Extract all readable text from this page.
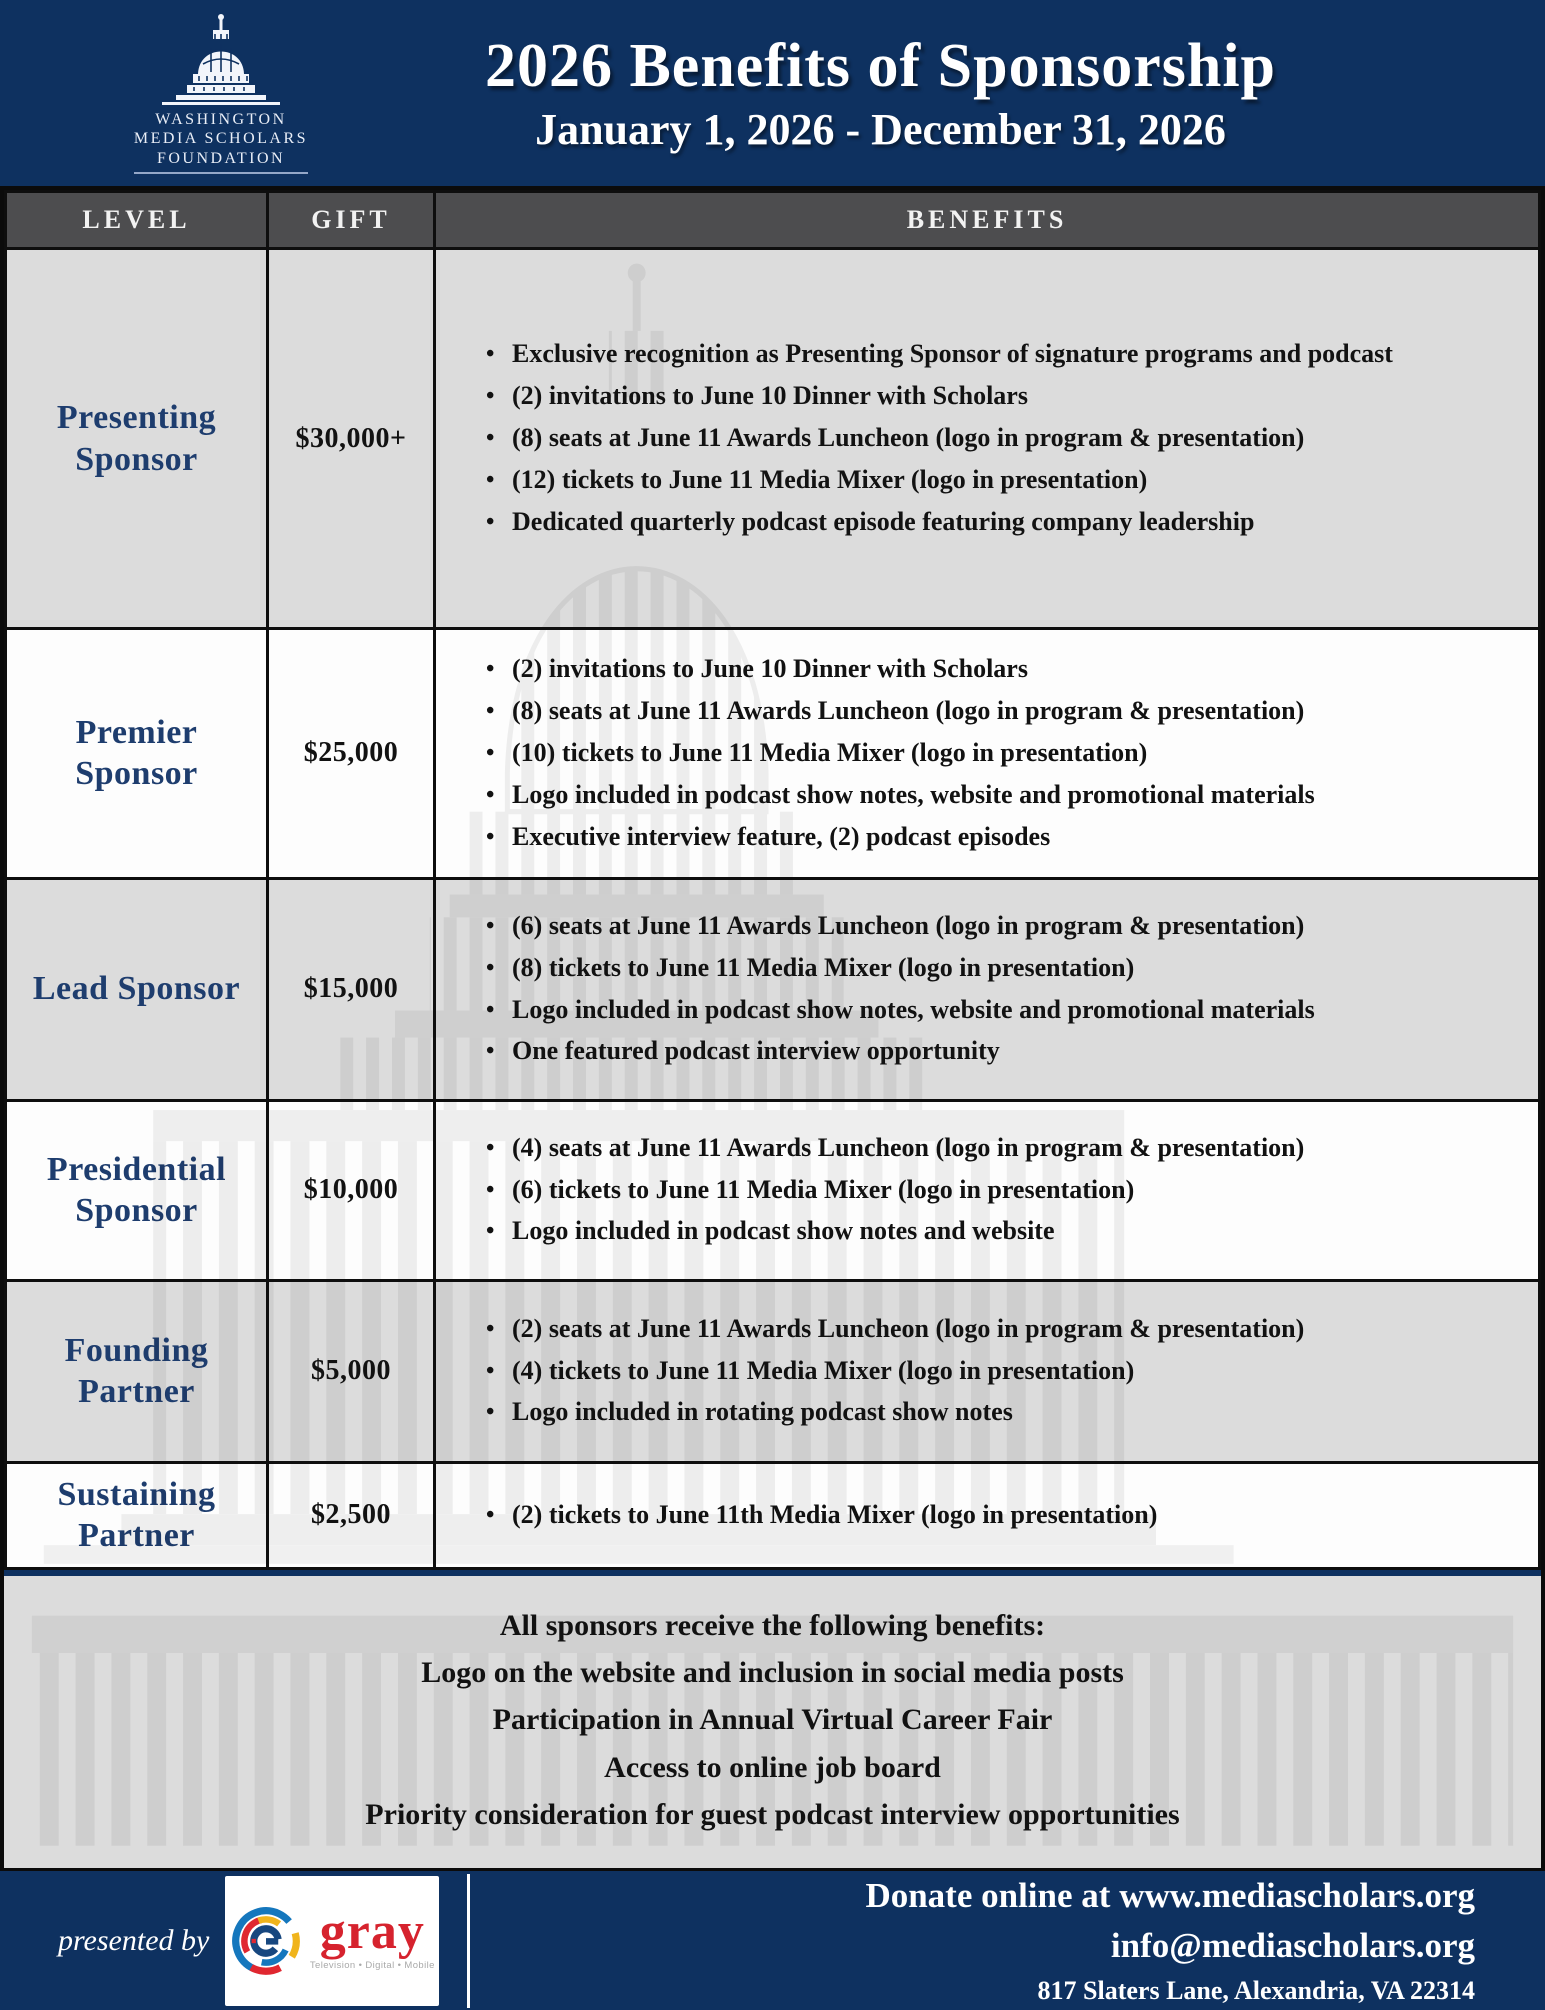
WASHINGTON
MEDIA SCHOLARS
FOUNDATION
2026 Benefits of Sponsorship
January 1, 2026 - December 31, 2026
LEVEL	GIFT	BENEFITS
Presenting Sponsor	$30,000+	
• Exclusive recognition as Presenting Sponsor of signature programs and podcast
• (2) invitations to June 10 Dinner with Scholars
• (8) seats at June 11 Awards Luncheon (logo in program & presentation)
• (12) tickets to June 11 Media Mixer (logo in presentation)
• Dedicated quarterly podcast episode featuring company leadership

Premier Sponsor	$25,000	
• (2) invitations to June 10 Dinner with Scholars
• (8) seats at June 11 Awards Luncheon (logo in program & presentation)
• (10) tickets to June 11 Media Mixer (logo in presentation)
• Logo included in podcast show notes, website and promotional materials
• Executive interview feature, (2) podcast episodes

Lead Sponsor	$15,000	
• (6) seats at June 11 Awards Luncheon (logo in program & presentation)
• (8) tickets to June 11 Media Mixer (logo in presentation)
• Logo included in podcast show notes, website and promotional materials
• One featured podcast interview opportunity

Presidential Sponsor	$10,000	
• (4) seats at June 11 Awards Luncheon (logo in program & presentation)
• (6) tickets to June 11 Media Mixer (logo in presentation)
• Logo included in podcast show notes and website

Founding Partner	$5,000	
• (2) seats at June 11 Awards Luncheon (logo in program & presentation)
• (4) tickets to June 11 Media Mixer (logo in presentation)
• Logo included in rotating podcast show notes

Sustaining Partner	$2,500	
•(2) tickets to June 11th Media Mixer (logo in presentation)
All sponsors receive the following benefits:
Logo on the website and inclusion in social media posts
Participation in Annual Virtual Career Fair
Access to online job board
Priority consideration for guest podcast interview opportunities
presented by gray
Television • Digital • Mobile
Donate online at www.mediascholars.org
info@mediascholars.org
817 Slaters Lane, Alexandria, VA 22314
